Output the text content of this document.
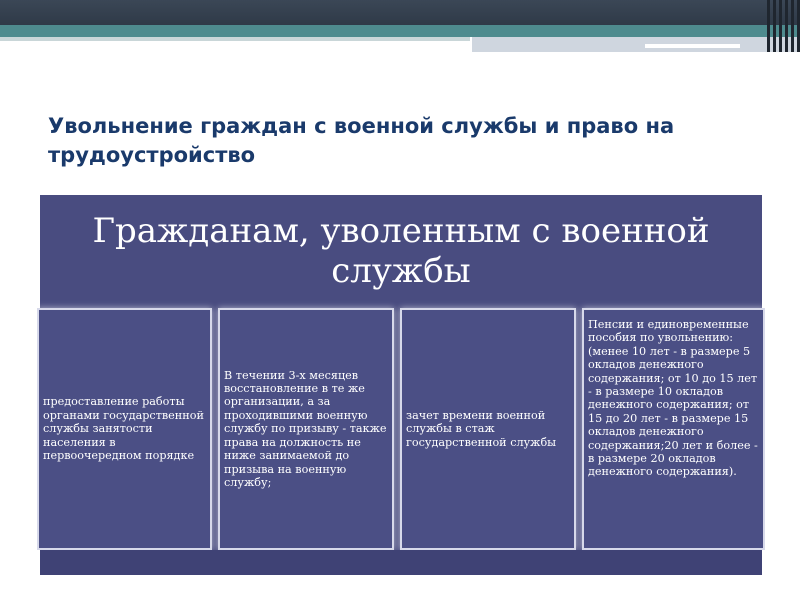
Увольнение граждан с военной службы и право на трудоустройство
Гражданам, уволенным с военной службы
предоставление работы органами государственной службы занятости населения в первоочередном порядке
В течении 3-х месяцев восстановление в те же организации, а за проходившими военную службу по призыву - также права на должность не ниже занимаемой до призыва на военную службу;
зачет времени военной службы в стаж государственной службы
Пенсии и единовременные пособия по увольнению: (менее 10 лет - в размере 5 окладов денежного содержания; от 10 до 15 лет - в размере 10 окладов денежного содержания; от 15 до 20 лет - в размере 15 окладов денежного содержания;20 лет и более - в размере 20 окладов денежного содержания).
